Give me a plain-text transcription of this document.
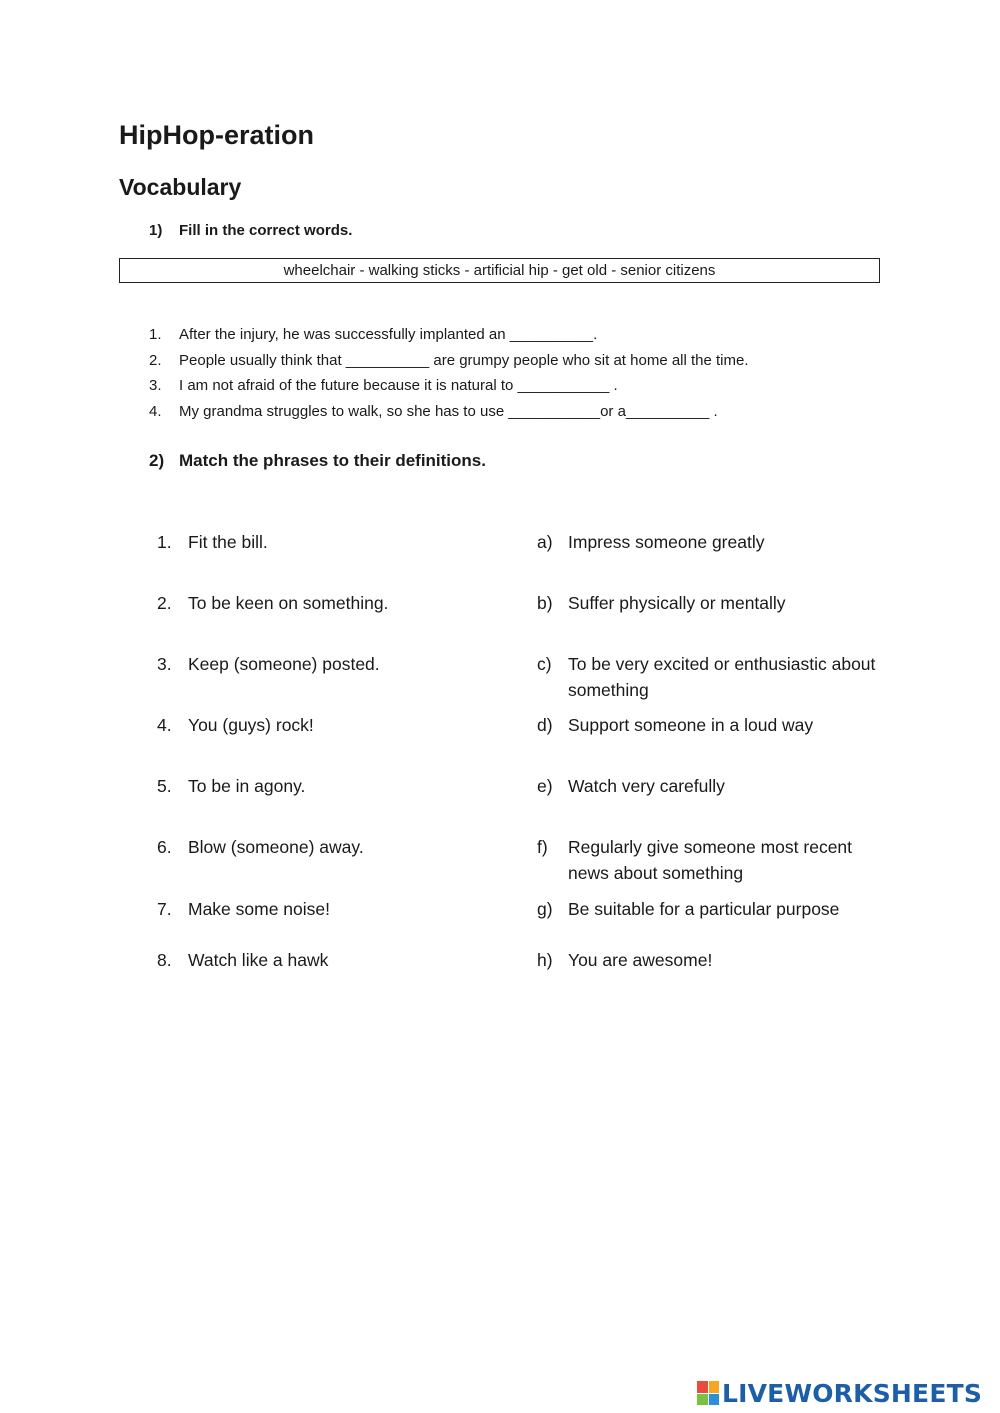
HipHop-eration
Vocabulary
1) Fill in the correct words.
wheelchair - walking sticks - artificial hip - get old - senior citizens
1. After the injury, he was successfully implanted an __________.
2. People usually think that __________ are grumpy people who sit at home all the time.
3. I am not afraid of the future because it is natural to ___________ .
4. My grandma struggles to walk, so she has to use ___________or a__________ .
2) Match the phrases to their definitions.
1. Fit the bill.	a) Impress someone greatly
2. To be keen on something.	b) Suffer physically or mentally
3. Keep (someone) posted.	c) To be very excited or enthusiastic about something
4. You (guys) rock!	d) Support someone in a loud way
5. To be in agony.	e) Watch very carefully
6. Blow (someone) away.	f) Regularly give someone most recent news about something
7. Make some noise!	g) Be suitable for a particular purpose
8. Watch like a hawk	h) You are awesome!
LIVEWORKSHEETS
